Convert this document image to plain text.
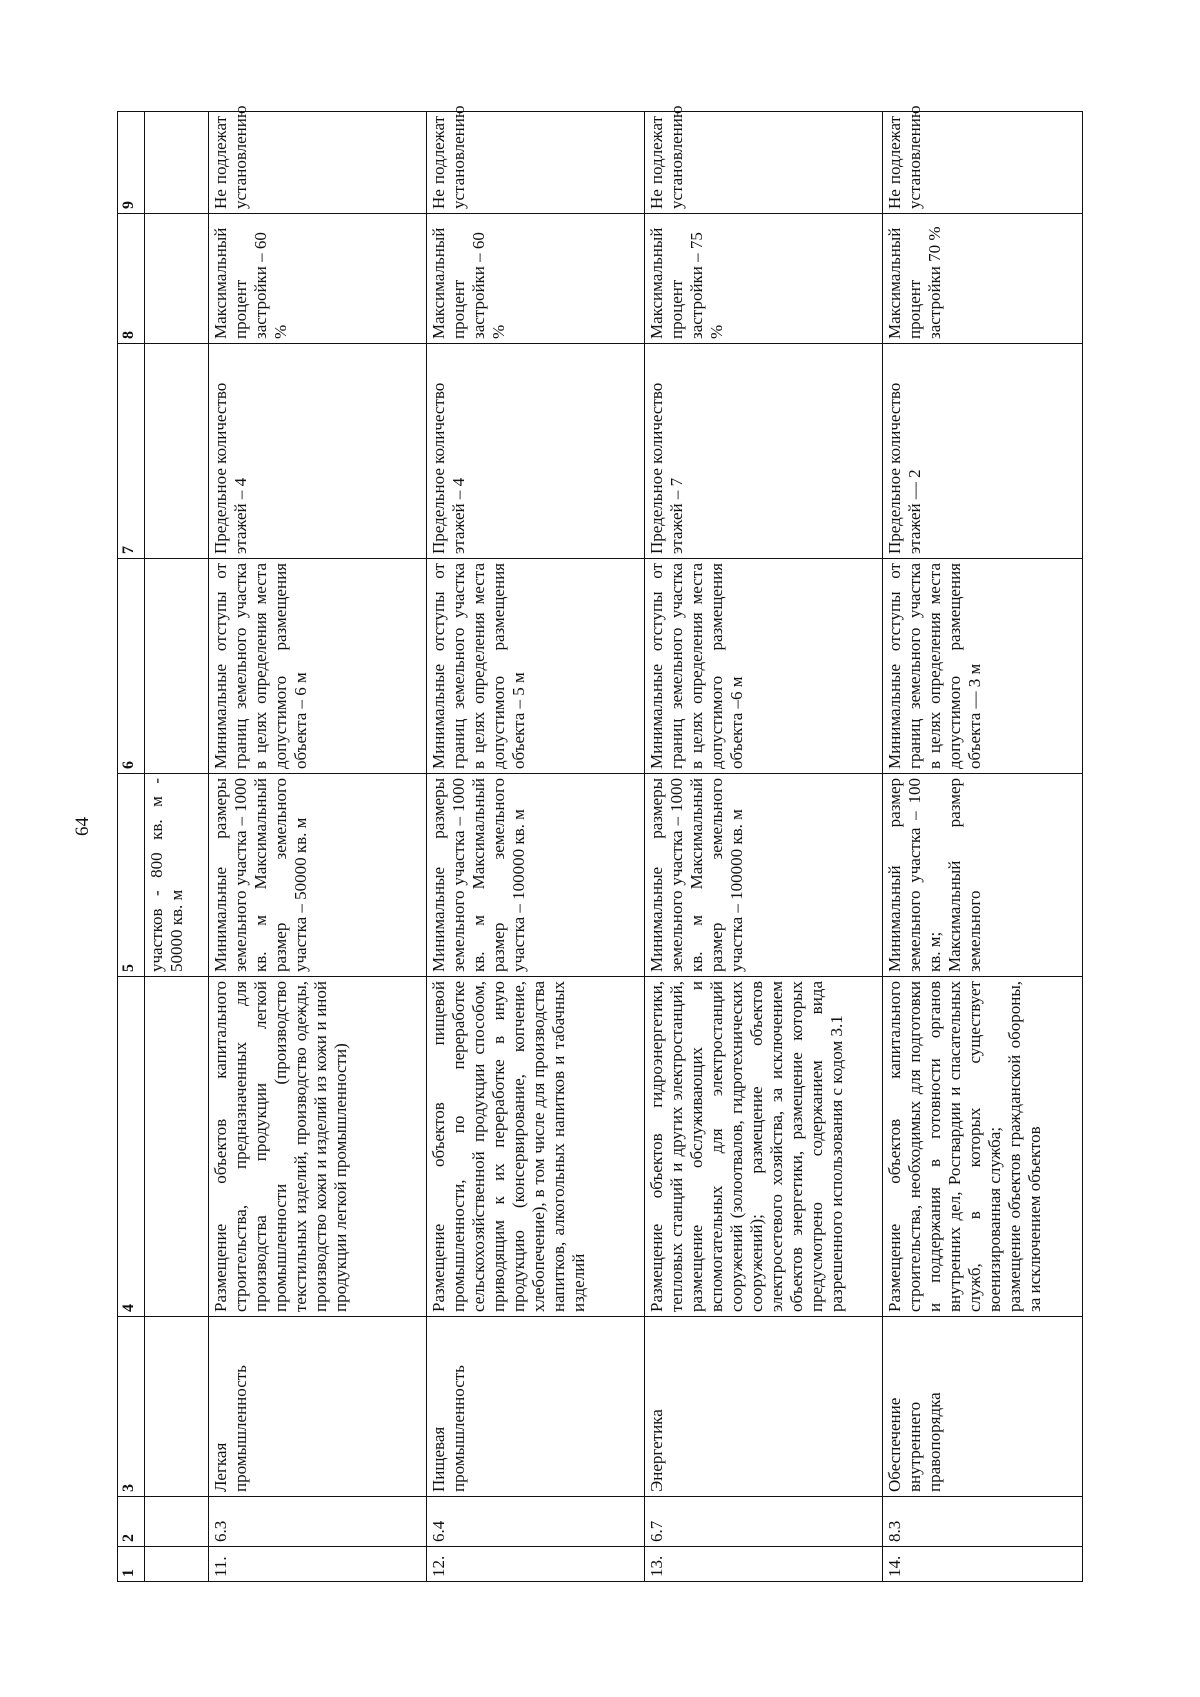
64
1	2	3	4	5	6	7	8	9
				участков - 800 кв. м - 50000 кв. м				
11.	6.3	Легкая промышленность	Размещение объектов капитального строительства, предназначенных для производства продукции легкой промышленности (производство текстильных изделий, производство одежды, производство кожи и изделий из кожи и иной продукции легкой промышленности)	Минимальные размеры земельного участка – 1000 кв. м Максимальный размер земельного участка – 50000 кв. м	Минимальные отступы от границ земельного участка в целях определения места допустимого размещения объекта – 6 м	Предельное количество этажей – 4	Максимальный процент застройки – 60 %	Не подлежат установлению
12.	6.4	Пищевая промышленность	Размещение объектов пищевой промышленности, по переработке сельскохозяйственной продукции способом, приводящим к их переработке в иную продукцию (консервирование, копчение, хлебопечение), в том числе для производства напитков, алкогольных напитков и табачных изделий	Минимальные размеры земельного участка – 1000 кв. м Максимальный размер земельного участка – 100000 кв. м	Минимальные отступы от границ земельного участка в целях определения места допустимого размещения объекта – 5 м	Предельное количество этажей – 4	Максимальный процент застройки – 60 %	Не подлежат установлению
13.	6.7	Энергетика	Размещение объектов гидроэнергетики, тепловых станций и других электростанций, размещение обслуживающих и вспомогательных для электростанций сооружений (золоотвалов, гидротехнических сооружений); размещение объектов электросетевого хозяйства, за исключением объектов энергетики, размещение которых предусмотрено содержанием вида разрешенного использования с кодом 3.1	Минимальные размеры земельного участка – 1000 кв. м Максимальный размер земельного участка – 100000 кв. м	Минимальные отступы от границ земельного участка в целях определения места допустимого размещения объекта –6 м	Предельное количество этажей – 7	Максимальный процент застройки – 75 %	Не подлежат установлению
14.	8.3	Обеспечение внутреннего правопорядка	Размещение объектов капитального строительства, необходимых для подготовки и поддержания в готовности органов внутренних дел, Росгвардии и спасательных служб, в которых существует военизированная служба; размещение объектов гражданской обороны, за исключением объектов	Минимальный размер земельного участка – 100 кв. м; Максимальный размер земельного	Минимальные отступы от границ земельного участка в целях определения места допустимого размещения объекта — 3 м	Предельное количество этажей — 2	Максимальный процент застройки 70 %	Не подлежат установлению
